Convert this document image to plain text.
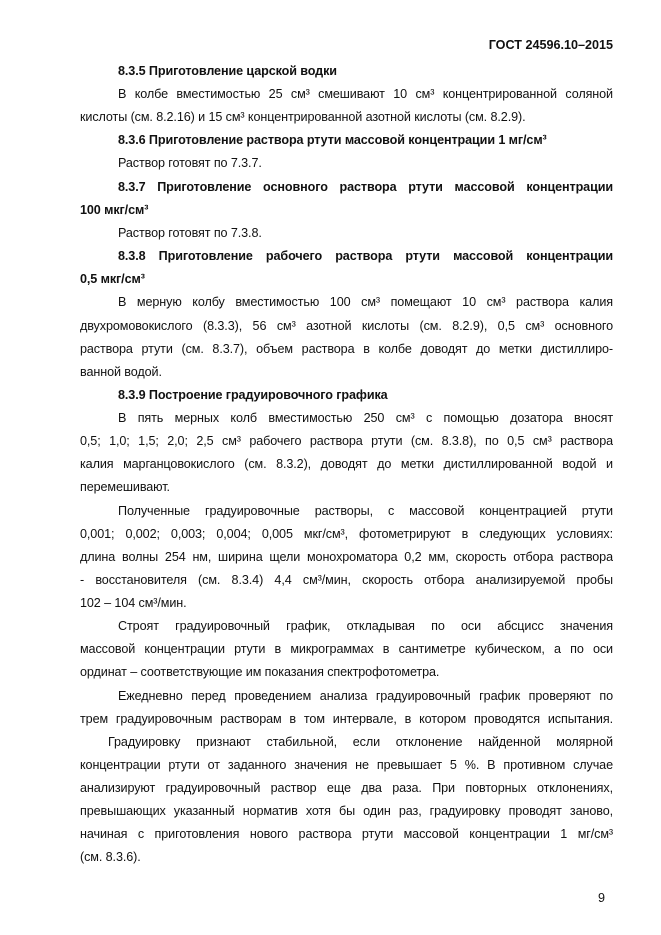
ГОСТ 24596.10–2015
8.3.5 Приготовление царской водки
В колбе вместимостью 25 см³ смешивают 10 см³ концентрированной соляной
кислоты (см. 8.2.16) и 15 см³ концентрированной азотной кислоты (см. 8.2.9).
8.3.6 Приготовление раствора ртути массовой концентрации 1 мг/см³
Раствор готовят по 7.3.7.
8.3.7 Приготовление основного раствора ртути массовой концентрации
100 мкг/см³
Раствор готовят по 7.3.8.
8.3.8 Приготовление рабочего раствора ртути массовой концентрации
0,5 мкг/см³
В мерную колбу вместимостью 100 см³ помещают 10 см³ раствора калия
двухромовокислого (8.3.3), 56 см³ азотной кислоты (см. 8.2.9), 0,5 см³ основного
раствора ртути (см. 8.3.7), объем раствора в колбе доводят до метки дистиллиро-
ванной водой.
8.3.9 Построение градуировочного графика
В пять мерных колб вместимостью 250 см³ с помощью дозатора вносят
0,5; 1,0; 1,5; 2,0; 2,5 см³ рабочего раствора ртути (см. 8.3.8), по 0,5 см³ раствора
калия марганцовокислого (см. 8.3.2), доводят до метки дистиллированной водой и
перемешивают.
Полученные градуировочные растворы, с массовой концентрацией ртути
0,001; 0,002; 0,003; 0,004; 0,005 мкг/см³, фотометрируют в следующих условиях:
длина волны 254 нм, ширина щели монохроматора 0,2 мм, скорость отбора раствора
- восстановителя (см. 8.3.4) 4,4 см³/мин, скорость отбора анализируемой пробы
102 – 104 см³/мин.
Строят градуировочный график, откладывая по оси абсцисс значения
массовой концентрации ртути в микрограммах в сантиметре кубическом, а по оси
ординат – соответствующие им показания спектрофотометра.
Ежедневно перед проведением анализа градуировочный график проверяют по
трем градуировочным растворам в том интервале, в котором проводятся испытания.
Градуировку признают стабильной, если отклонение найденной молярной
концентрации ртути от заданного значения не превышает 5 %. В противном случае
анализируют градуировочный раствор еще два раза. При повторных отклонениях,
превышающих указанный норматив хотя бы один раз, градуировку проводят заново,
начиная с приготовления нового раствора ртути массовой концентрации 1 мг/см³
(см. 8.3.6).
9
